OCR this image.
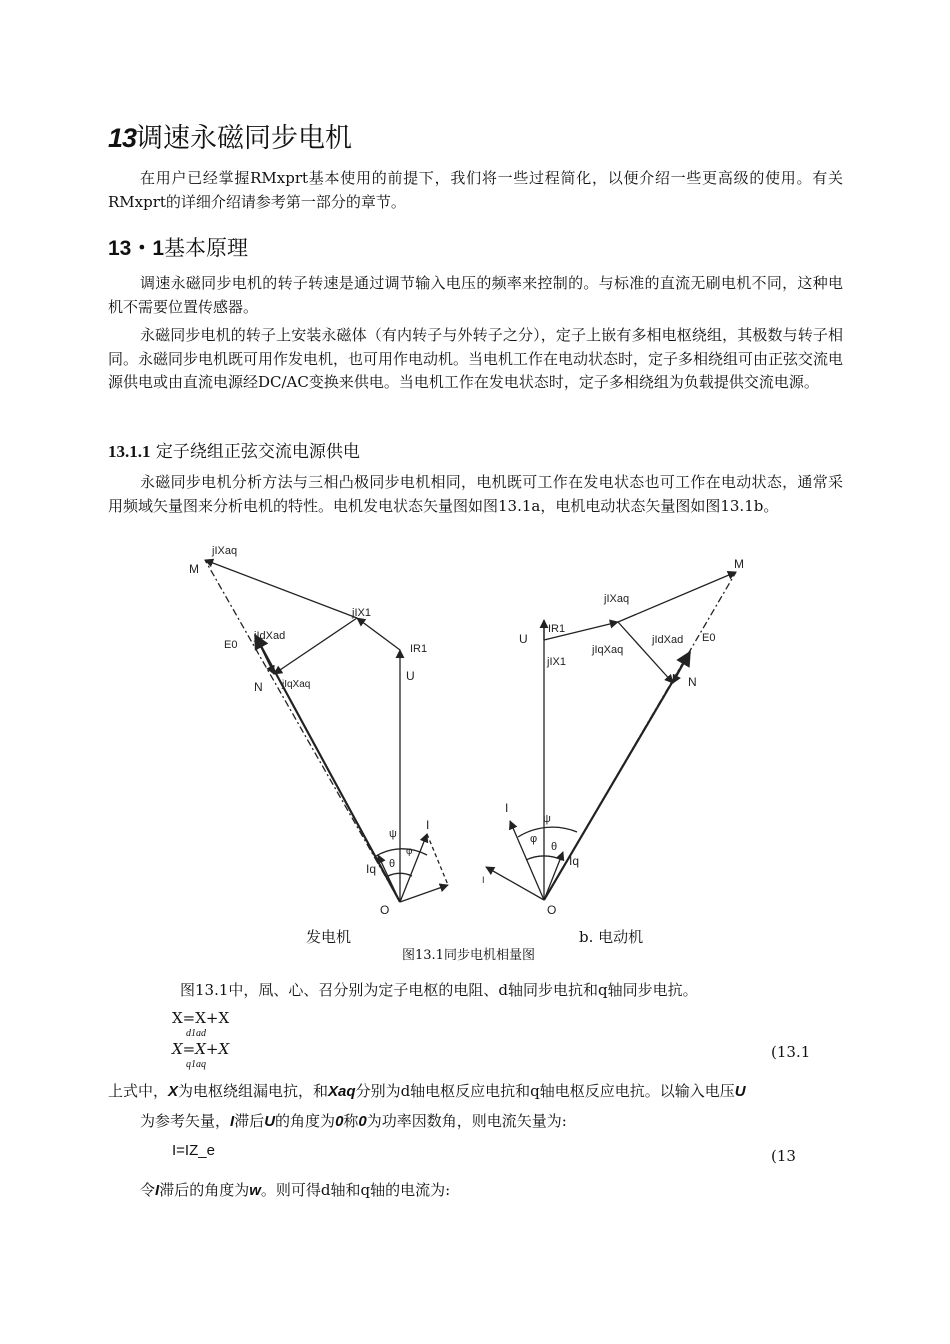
13调速永磁同步电机
在用户已经掌握RMxprt基本使用的前提下，我们将一些过程简化，以便介绍一些更高级的使用。有关RMxprt的详细介绍请参考第一部分的章节。
13・1基本原理
调速永磁同步电机的转子转速是通过调节输入电压的频率来控制的。与标准的直流无刷电机不同，这种电机不需要位置传感器。
永磁同步电机的转子上安装永磁体（有内转子与外转子之分），定子上嵌有多相电枢绕组，其极数与转子相同。永磁同步电机既可用作发电机，也可用作电动机。当电机工作在电动状态时，定子多相绕组可由正弦交流电源供电或由直流电源经DC/AC变换来供电。当电机工作在发电状态时，定子多相绕组为负载提供交流电源。
13.1.1 定子绕组正弦交流电源供电
永磁同步电机分析方法与三相凸极同步电机相同，电机既可工作在发电状态也可工作在电动状态，通常采用频域矢量图来分析电机的特性。电机发电状态矢量图如图13.1a，电机电动状态矢量图如图13.1b。
jIXaq
M
jIX1
IR1
E0
jIdXad
jIqXaq
N
U
ψ
φ
θ
I
Iq
O
M
jIXaq
U
IR1
jIX1
jIqXaq
jIdXad E0
N
I
I
ψ
φ
θ
Iq
O
发电机	b. 电动机
图13.1同步电机相量图
图13.1中，凮、心、召分别为定子电枢的电阻、d轴同步电抗和q轴同步电抗。
X=X+X
d1ad
X=X+X
q1aq
(13.1
上式中，X为电枢绕组漏电抗，和Xaq分别为d轴电枢反应电抗和q轴电枢反应电抗。以输入电压U
为参考矢量，I滞后U的角度为0称0为功率因数角，则电流矢量为:
I=IZ_e	(13
令I滞后的角度为w。则可得d轴和q轴的电流为:
